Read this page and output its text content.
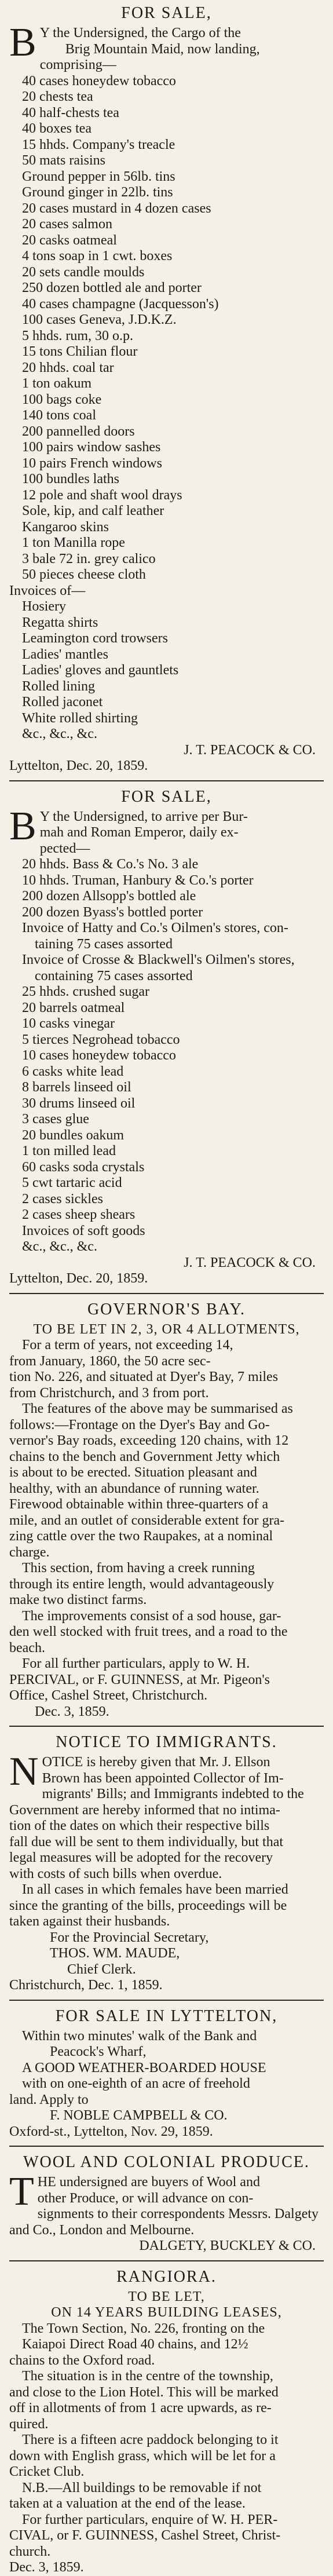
FOR SALE,
B Y the Undersigned, the Cargo of the
Brig Mountain Maid, now landing,
comprising—
40 cases honeydew tobacco
20 chests tea
40 half-chests tea
40 boxes tea
15 hhds. Company's treacle
50 mats raisins
Ground pepper in 56lb. tins
Ground ginger in 22lb. tins
20 cases mustard in 4 dozen cases
20 cases salmon
20 casks oatmeal
4 tons soap in 1 cwt. boxes
20 sets candle moulds
250 dozen bottled ale and porter
40 cases champagne (Jacquesson's)
100 cases Geneva, J.D.K.Z.
5 hhds. rum, 30 o.p.
15 tons Chilian flour
20 hhds. coal tar
1 ton oakum
100 bags coke
140 tons coal
200 pannelled doors
100 pairs window sashes
10 pairs French windows
100 bundles laths
12 pole and shaft wool drays
Sole, kip, and calf leather
Kangaroo skins
1 ton Manilla rope
3 bale 72 in. grey calico
50 pieces cheese cloth
Invoices of—
Hosiery
Regatta shirts
Leamington cord trowsers
Ladies' mantles
Ladies' gloves and gauntlets
Rolled lining
Rolled jaconet
White rolled shirting
&c., &c., &c.
J. T. PEACOCK & CO.
Lyttelton, Dec. 20, 1859.
FOR SALE,
B Y the Undersigned, to arrive per Bur-
mah and Roman Emperor, daily ex-
pected—
20 hhds. Bass & Co.'s No. 3 ale
10 hhds. Truman, Hanbury & Co.'s porter
200 dozen Allsopp's bottled ale
200 dozen Byass's bottled porter
Invoice of Hatty and Co.'s Oilmen's stores, con-
taining 75 cases assorted
Invoice of Crosse & Blackwell's Oilmen's stores,
containing 75 cases assorted
25 hhds. crushed sugar
20 barrels oatmeal
10 casks vinegar
5 tierces Negrohead tobacco
10 cases honeydew tobacco
6 casks white lead
8 barrels linseed oil
30 drums linseed oil
3 cases glue
20 bundles oakum
1 ton milled lead
60 casks soda crystals
5 cwt tartaric acid
2 cases sickles
2 cases sheep shears
Invoices of soft goods
&c., &c., &c.
J. T. PEACOCK & CO.
Lyttelton, Dec. 20, 1859.
GOVERNOR'S BAY.
TO BE LET IN 2, 3, OR 4 ALLOTMENTS,
For a term of years, not exceeding 14,
from January, 1860, the 50 acre sec-
tion No. 226, and situated at Dyer's Bay, 7 miles
from Christchurch, and 3 from port.
The features of the above may be summarised as
follows:—Frontage on the Dyer's Bay and Go-
vernor's Bay roads, exceeding 120 chains, with 12
chains to the bench and Government Jetty which
is about to be erected. Situation pleasant and
healthy, with an abundance of running water.
Firewood obtainable within three-quarters of a
mile, and an outlet of considerable extent for gra-
zing cattle over the two Raupakes, at a nominal
charge.
This section, from having a creek running
through its entire length, would advantageously
make two distinct farms.
The improvements consist of a sod house, gar-
den well stocked with fruit trees, and a road to the
beach.
For all further particulars, apply to W. H.
PERCIVAL, or F. GUINNESS, at Mr. Pigeon's
Office, Cashel Street, Christchurch.
Dec. 3, 1859.
NOTICE TO IMMIGRANTS.
N OTICE is hereby given that Mr. J. Ellson
Brown has been appointed Collector of Im-
migrants' Bills; and Immigrants indebted to the
Government are hereby informed that no intima-
tion of the dates on which their respective bills
fall due will be sent to them individually, but that
legal measures will be adopted for the recovery
with costs of such bills when overdue.
In all cases in which females have been married
since the granting of the bills, proceedings will be
taken against their husbands.
For the Provincial Secretary,
THOS. WM. MAUDE,
Chief Clerk.
Christchurch, Dec. 1, 1859.
FOR SALE IN LYTTELTON,
Within two minutes' walk of the Bank and
Peacock's Wharf,
A GOOD WEATHER-BOARDED HOUSE
with on one-eighth of an acre of freehold
land. Apply to
F. NOBLE CAMPBELL & CO.
Oxford-st., Lyttelton, Nov. 29, 1859.
WOOL AND COLONIAL PRODUCE.
T HE undersigned are buyers of Wool and
other Produce, or will advance on con-
signments to their correspondents Messrs. Dalgety
and Co., London and Melbourne.
DALGETY, BUCKLEY & CO.
RANGIORA.
TO BE LET,
ON 14 YEARS BUILDING LEASES,
The Town Section, No. 226, fronting on the
Kaiapoi Direct Road 40 chains, and 12½
chains to the Oxford road.
The situation is in the centre of the township,
and close to the Lion Hotel. This will be marked
off in allotments of from 1 acre upwards, as re-
quired.
There is a fifteen acre paddock belonging to it
down with English grass, which will be let for a
Cricket Club.
N.B.—All buildings to be removable if not
taken at a valuation at the end of the lease.
For further particulars, enquire of W. H. PER-
CIVAL, or F. GUINNESS, Cashel Street, Christ-
church.
Dec. 3, 1859.
